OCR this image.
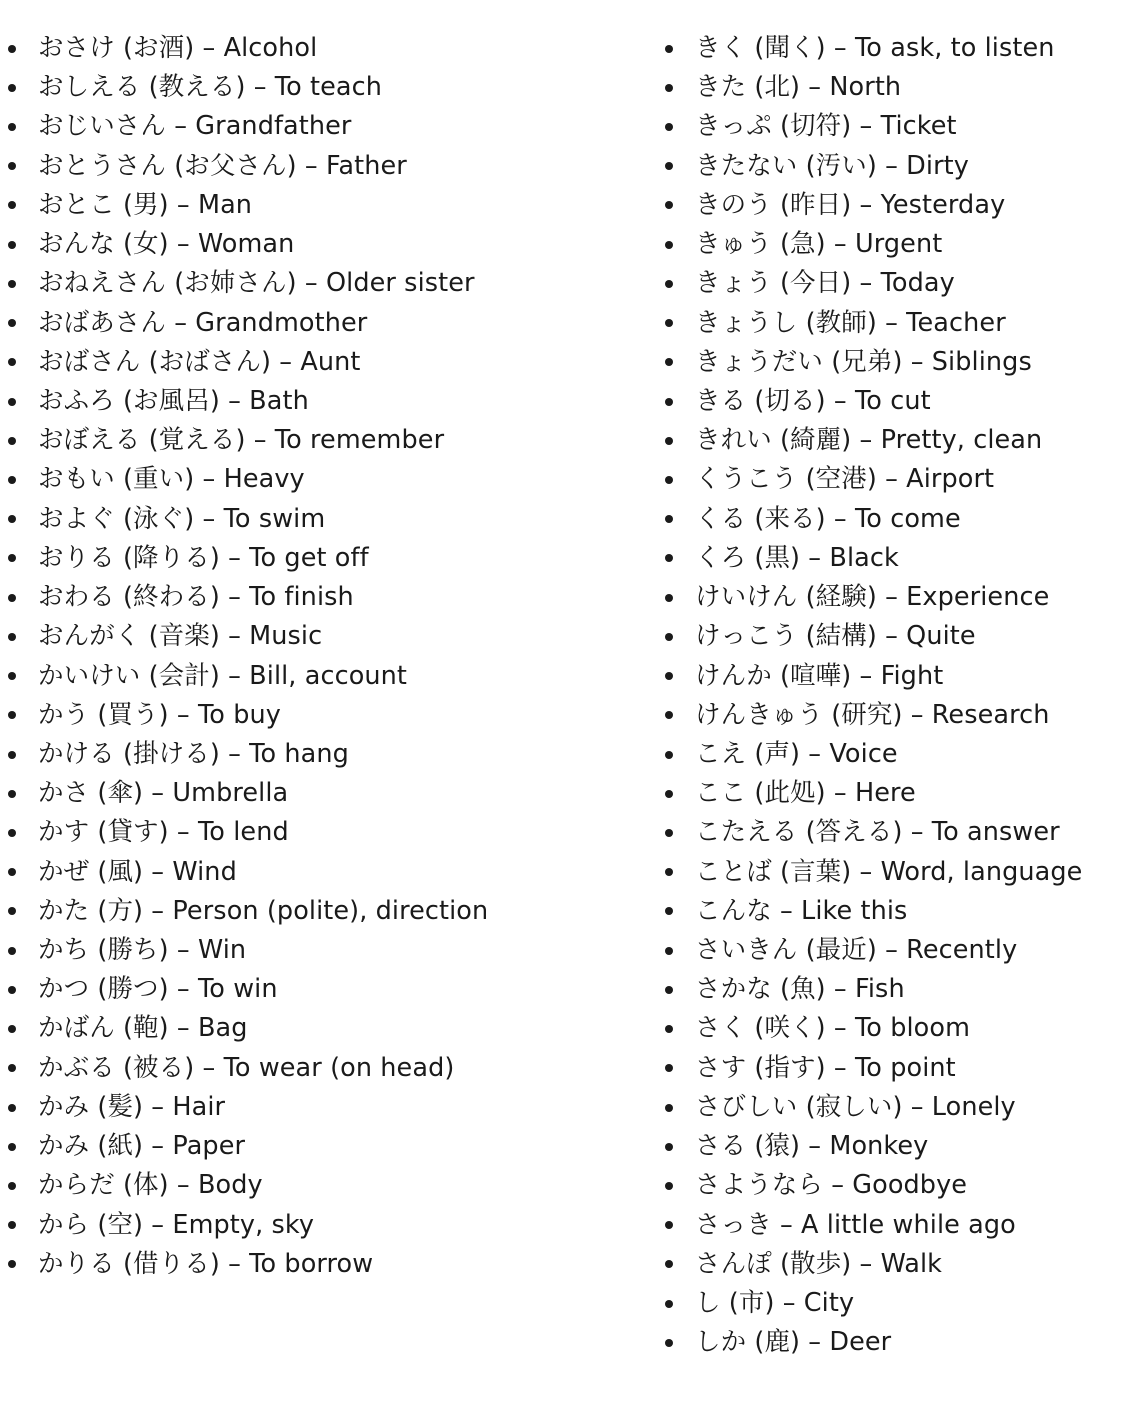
おさけ (お酒) – Alcohol
おしえる (教える) – To teach
おじいさん – Grandfather
おとうさん (お父さん) – Father
おとこ (男) – Man
おんな (女) – Woman
おねえさん (お姉さん) – Older sister
おばあさん – Grandmother
おばさん (おばさん) – Aunt
おふろ (お風呂) – Bath
おぼえる (覚える) – To remember
おもい (重い) – Heavy
およぐ (泳ぐ) – To swim
おりる (降りる) – To get off
おわる (終わる) – To finish
おんがく (音楽) – Music
かいけい (会計) – Bill, account
かう (買う) – To buy
かける (掛ける) – To hang
かさ (傘) – Umbrella
かす (貸す) – To lend
かぜ (風) – Wind
かた (方) – Person (polite), direction
かち (勝ち) – Win
かつ (勝つ) – To win
かばん (鞄) – Bag
かぶる (被る) – To wear (on head)
かみ (髪) – Hair
かみ (紙) – Paper
からだ (体) – Body
から (空) – Empty, sky
かりる (借りる) – To borrow
きく (聞く) – To ask, to listen
きた (北) – North
きっぷ (切符) – Ticket
きたない (汚い) – Dirty
きのう (昨日) – Yesterday
きゅう (急) – Urgent
きょう (今日) – Today
きょうし (教師) – Teacher
きょうだい (兄弟) – Siblings
きる (切る) – To cut
きれい (綺麗) – Pretty, clean
くうこう (空港) – Airport
くる (来る) – To come
くろ (黒) – Black
けいけん (経験) – Experience
けっこう (結構) – Quite
けんか (喧嘩) – Fight
けんきゅう (研究) – Research
こえ (声) – Voice
ここ (此処) – Here
こたえる (答える) – To answer
ことば (言葉) – Word, language
こんな – Like this
さいきん (最近) – Recently
さかな (魚) – Fish
さく (咲く) – To bloom
さす (指す) – To point
さびしい (寂しい) – Lonely
さる (猿) – Monkey
さようなら – Goodbye
さっき – A little while ago
さんぽ (散歩) – Walk
し (市) – City
しか (鹿) – Deer
